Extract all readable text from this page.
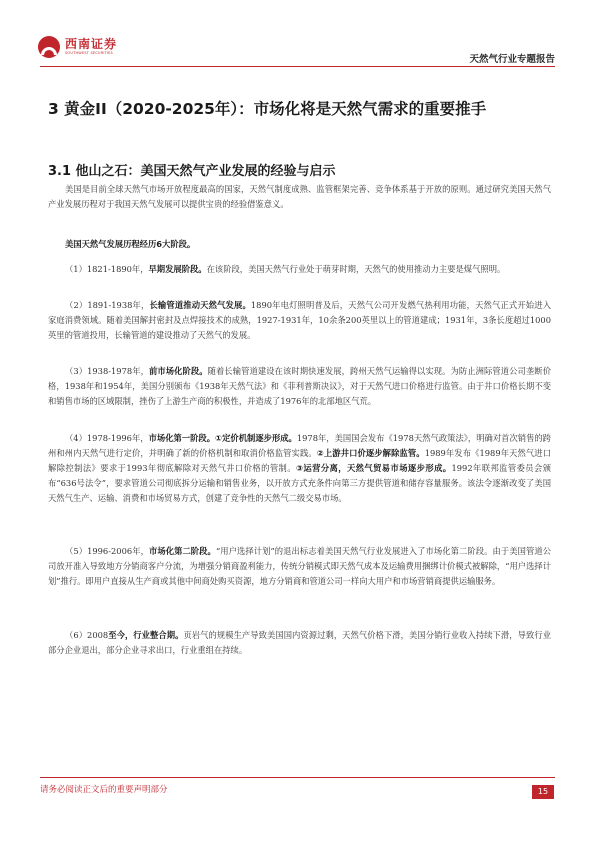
西南证券
SOUTHWEST SECURITIES
天然气行业专题报告
3 黄金II（2020-2025年）：市场化将是天然气需求的重要推手
3.1 他山之石：美国天然气产业发展的经验与启示
美国是目前全球天然气市场开放程度最高的国家，天然气制度成熟、监管框架完善、竞争体系基于开放的原则。通过研究美国天然气产业发展历程对于我国天然气发展可以提供宝贵的经验借鉴意义。
美国天然气发展历程经历6大阶段。
（1）1821-1890年，早期发展阶段。在该阶段，美国天然气行业处于萌芽时期，天然气的使用推动力主要是煤气照明。
（2）1891-1938年，长输管道推动天然气发展。1890年电灯照明普及后，天然气公司开发燃气热利用功能，天然气正式开始进入家庭消费领域。随着美国解封密封及点焊接技术的成熟，1927-1931年，10余条200英里以上的管道建成；1931年，3条长度超过1000英里的管道投用，长输管道的建设推动了天然气的发展。
（3）1938-1978年，前市场化阶段。随着长输管道建设在该时期快速发展，跨州天然气运输得以实现。为防止洲际管道公司垄断价格，1938年和1954年，美国分别颁布《1938年天然气法》和《菲利普斯决议》，对于天然气进口价格进行监管。由于井口价格长期不变和销售市场的区域限制，挫伤了上游生产商的积极性，并造成了1976年的北部地区气荒。
（4）1978-1996年，市场化第一阶段。①定价机制逐步形成。1978年，美国国会发布《1978天然气政策法》，明确对首次销售的跨州和州内天然气进行定价，并明确了新的价格机制和取消价格监管实践。②上游井口价逐步解除监管。1989年发布《1989年天然气进口解除控制法》要求于1993年彻底解除对天然气井口价格的管制。③运营分离，天然气贸易市场逐步形成。1992年联邦监管委员会颁布“636号法令”，要求管道公司彻底拆分运输和销售业务，以开放方式充条件向第三方提供管道和储存容量服务。该法令逐渐改变了美国天然气生产、运输、消费和市场贸易方式，创建了竞争性的天然气二级交易市场。
（5）1996-2006年，市场化第二阶段。“用户选择计划”的退出标志着美国天然气行业发展进入了市场化第二阶段。由于美国管道公司放开准入导致地方分销商客户分流，为增强分销商盈利能力，传统分销模式即天然气成本及运输费用捆绑计价模式被解除，“用户选择计划”推行。即用户直接从生产商或其他中间商处购买资源，地方分销商和管道公司一样向大用户和市场营销商提供运输服务。
（6）2008至今，行业整合期。页岩气的规模生产导致美国国内资源过剩，天然气价格下滑，美国分销行业收入持续下滑，导致行业部分企业退出，部分企业寻求出口，行业重组在持续。
请务必阅读正文后的重要声明部分	15
